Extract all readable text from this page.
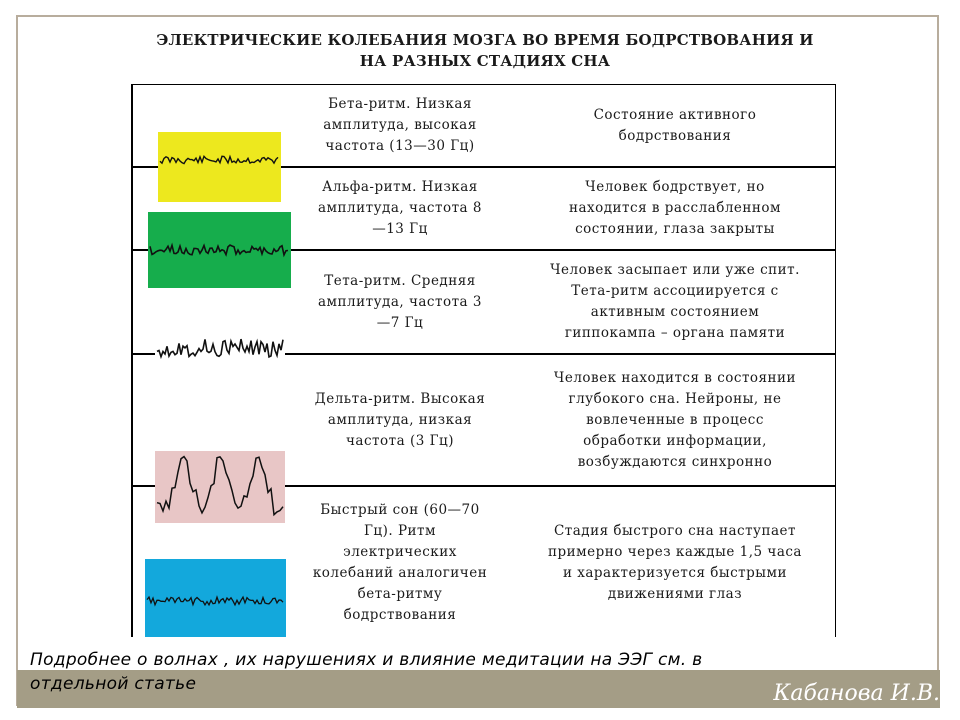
ЭЛЕКТРИЧЕСКИЕ КОЛЕБАНИЯ МОЗГА ВО ВРЕМЯ БОДРСТВОВАНИЯ И
НА РАЗНЫХ СТАДИЯХ СНА
Бета-ритм. Низкая
амплитуда, высокая
частота (13—30 Гц)
Состояние активного
бодрствования
Альфа-ритм. Низкая
амплитуда, частота 8
—13 Гц
Человек бодрствует, но
находится в расслабленном
состоянии, глаза закрыты
Тета-ритм. Средняя
амплитуда, частота 3
—7 Гц
Человек засыпает или уже спит.
Тета-ритм ассоциируется с
активным состоянием
гиппокампа – органа памяти
Дельта-ритм. Высокая
амплитуда, низкая
частота (3 Гц)
Человек находится в состоянии
глубокого сна. Нейроны, не
вовлеченные в процесс
обработки информации,
возбуждаются синхронно
Быстрый сон (60—70
Гц). Ритм
электрических
колебаний аналогичен
бета-ритму
бодрствования
Стадия быстрого сна наступает
примерно через каждые 1,5 часа
и характеризуется быстрыми
движениями глаз

Подробнее о волнах , их нарушениях и влияние медитации на ЭЭГ см. в
отдельной статье	Кабанова И.В.
